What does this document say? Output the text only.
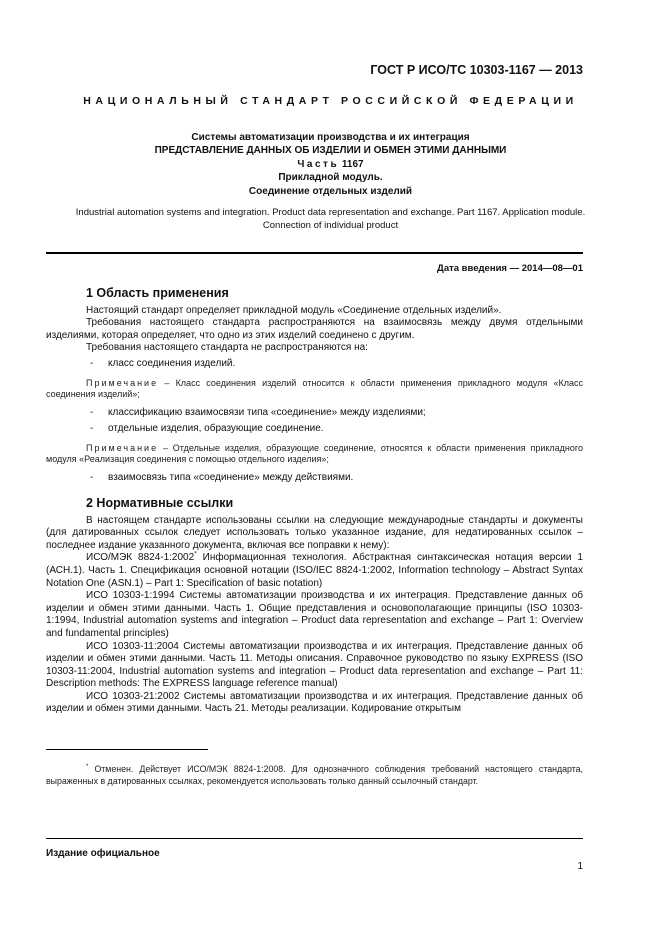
ГОСТ Р ИСО/ТС 10303-1167 — 2013
НАЦИОНАЛЬНЫЙ СТАНДАРТ РОССИЙСКОЙ ФЕДЕРАЦИИ
Системы автоматизации производства и их интеграция
ПРЕДСТАВЛЕНИЕ ДАННЫХ ОБ ИЗДЕЛИИ И ОБМЕН ЭТИМИ ДАННЫМИ
Часть 1167
Прикладной модуль.
Соединение отдельных изделий
Industrial automation systems and integration. Product data representation and exchange. Part 1167. Application module. Connection of individual product
Дата введения — 2014—08—01
1 Область применения

Настоящий стандарт определяет прикладной модуль «Соединение отдельных изделий».

Требования настоящего стандарта распространяются на взаимосвязь между двумя отдельными изделиями, которая определяет, что одно из этих изделий соединено с другим.

Требования настоящего стандарта не распространяются на:

- класс соединения изделий.
Примечание – Класс соединения изделий относится к области применения прикладного модуля «Класс соединения изделий»;
- классификацию взаимосвязи типа «соединение» между изделиями;
- отдельные изделия, образующие соединение.
Примечание – Отдельные изделия, образующие соединение, относятся к области применения прикладного модуля «Реализация соединения с помощью отдельного изделия»;
- взаимосвязь типа «соединение» между действиями.
2 Нормативные ссылки

В настоящем стандарте использованы ссылки на следующие международные стандарты и документы (для датированных ссылок следует использовать только указанное издание, для недатированных ссылок – последнее издание указанного документа, включая все поправки к нему):

ИСО/МЭК 8824-1:2002* Информационная технология. Абстрактная синтаксическая нотация версии 1 (АСН.1). Часть 1. Спецификация основной нотации (ISO/IEC 8824-1:2002, Information technology – Abstract Syntax Notation One (ASN.1) – Part 1: Specification of basic notation)

ИСО 10303-1:1994 Системы автоматизации производства и их интеграция. Представление данных об изделии и обмен этими данными. Часть 1. Общие представления и основополагающие принципы (ISO 10303-1:1994, Industrial automation systems and integration – Product data representation and exchange – Part 1: Overview and fundamental principles)

ИСО 10303-11:2004 Системы автоматизации производства и их интеграция. Представление данных об изделии и обмен этими данными. Часть 11. Методы описания. Справочное руководство по языку EXPRESS (ISO 10303-11:2004, Industrial automation systems and integration – Product data representation and exchange – Part 11: Description methods: The EXPRESS language reference manual)

ИСО 10303-21:2002 Системы автоматизации производства и их интеграция. Представление данных об изделии и обмен этими данными. Часть 21. Методы реализации. Кодирование открытым

* Отменен. Действует ИСО/МЭК 8824-1:2008. Для однозначного соблюдения требований настоящего стандарта, выраженных в датированных ссылках, рекомендуется использовать только данный ссылочный стандарт.
Издание официальное
1
